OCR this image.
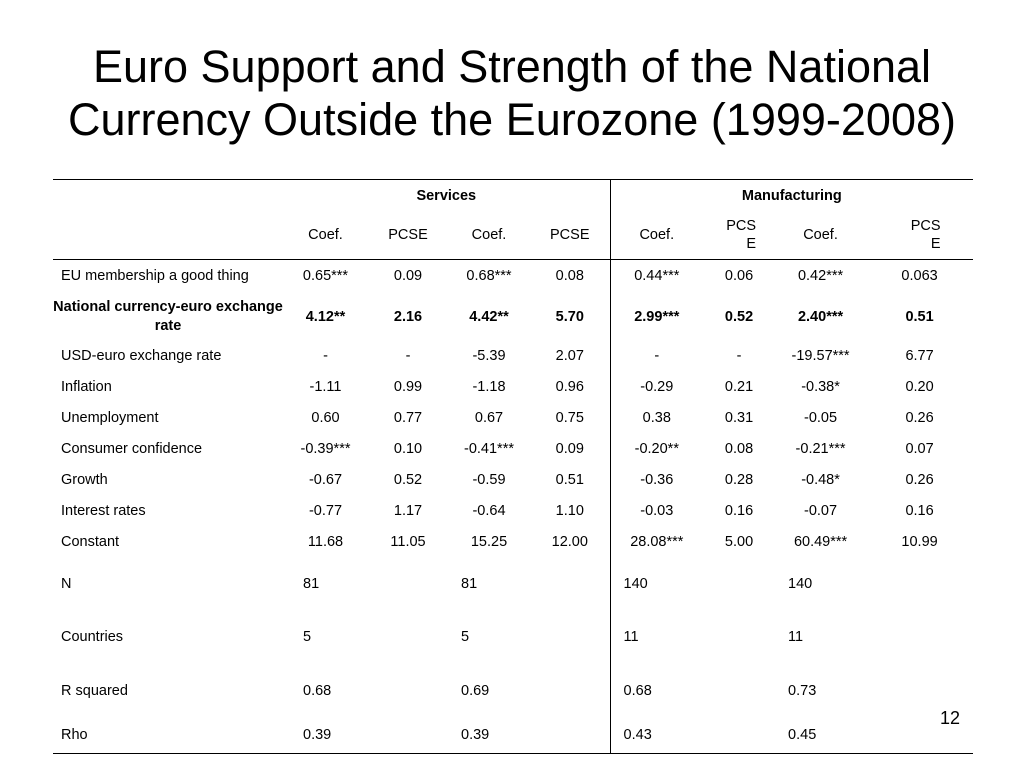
Euro Support and Strength of the National
Currency Outside the Eurozone (1999-2008)
	Services				Manufacturing			
	Coef.	PCSE	Coef.	PCSE	Coef.	PCS E	Coef.	PCS E
EU membership a good thing	0.65***	0.09	0.68***	0.08	0.44***	0.06	0.42***	0.063
National currency-euro exchange rate	4.12**	2.16	4.42**	5.70	2.99***	0.52	2.40***	0.51
USD-euro exchange rate	-	-	-5.39	2.07	-	-	-19.57***	6.77
Inflation	-1.11	0.99	-1.18	0.96	-0.29	0.21	-0.38*	0.20
Unemployment	0.60	0.77	0.67	0.75	0.38	0.31	-0.05	0.26
Consumer confidence	-0.39***	0.10	-0.41***	0.09	-0.20**	0.08	-0.21***	0.07
Growth	-0.67	0.52	-0.59	0.51	-0.36	0.28	-0.48*	0.26
Interest rates	-0.77	1.17	-0.64	1.10	-0.03	0.16	-0.07	0.16
Constant	11.68	11.05	15.25	12.00	28.08***	5.00	60.49***	10.99
N	81		81		140		140	
Countries	5		5		11		11	
R squared	0.68		0.69		0.68		0.73	
Rho	0.39		0.39		0.43		0.45	
12
